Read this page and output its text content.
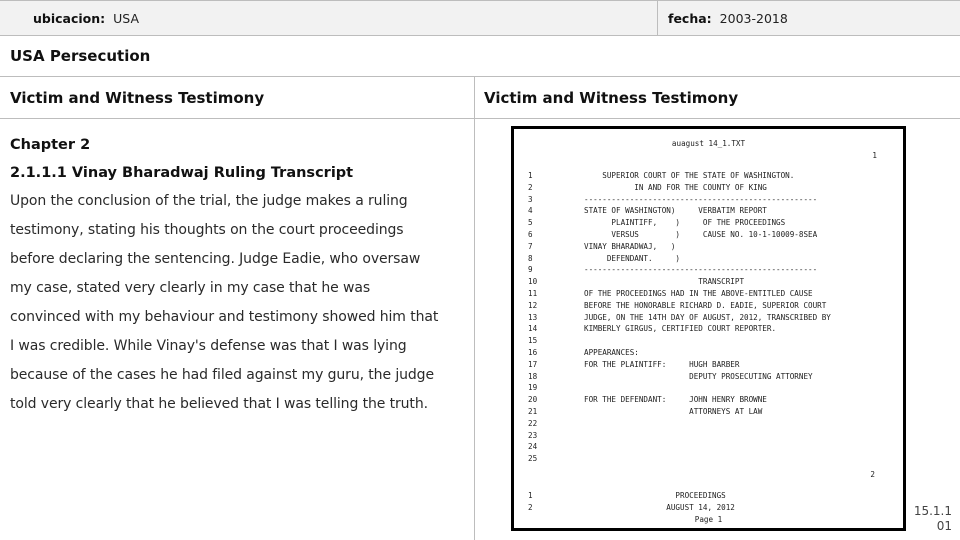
ubicacion: USA	fecha: 2003-2018
USA Persecution
Victim and Witness Testimony	Victim and Witness Testimony
Chapter 2
2.1.1.1 Vinay Bharadwaj Ruling Transcript
Upon the conclusion of the trial, the judge makes a ruling
testimony, stating his thoughts on the court proceedings
before declaring the sentencing. Judge Eadie, who oversaw
my case, stated very clearly in my case that he was
convinced with my behaviour and testimony showed him that
I was credible. While Vinay's defense was that I was lying
because of the cases he had filed against my guru, the judge
told very clearly that he believed that I was telling the truth.
auagust 14_1.TXT
1
1	SUPERIOR COURT OF THE STATE OF WASHINGTON.
2	IN AND FOR THE COUNTY OF KING
3	---------------------------------------------------
4	STATE OF WASHINGTON)     VERBATIM REPORT
5	PLAINTIFF,    )     OF THE PROCEEDINGS
6	VERSUS        )     CAUSE NO. 10-1-10009-8SEA
7	VINAY BHARADWAJ,   )
8	DEFENDANT.     )
9	---------------------------------------------------
10	TRANSCRIPT
11	OF THE PROCEEDINGS HAD IN THE ABOVE-ENTITLED CAUSE
12	BEFORE THE HONORABLE RICHARD D. EADIE, SUPERIOR COURT
13	JUDGE, ON THE 14TH DAY OF AUGUST, 2012, TRANSCRIBED BY
14	KIMBERLY GIRGUS, CERTIFIED COURT REPORTER.
15
16	APPEARANCES:
17	FOR THE PLAINTIFF:     HUGH BARBER
18	DEPUTY PROSECUTING ATTORNEY
19
20	FOR THE DEFENDANT:     JOHN HENRY BROWNE
21	ATTORNEYS AT LAW
22
23
24
25
2
1	PROCEEDINGS
2	AUGUST 14, 2012
Page 1
15.1.1
01
